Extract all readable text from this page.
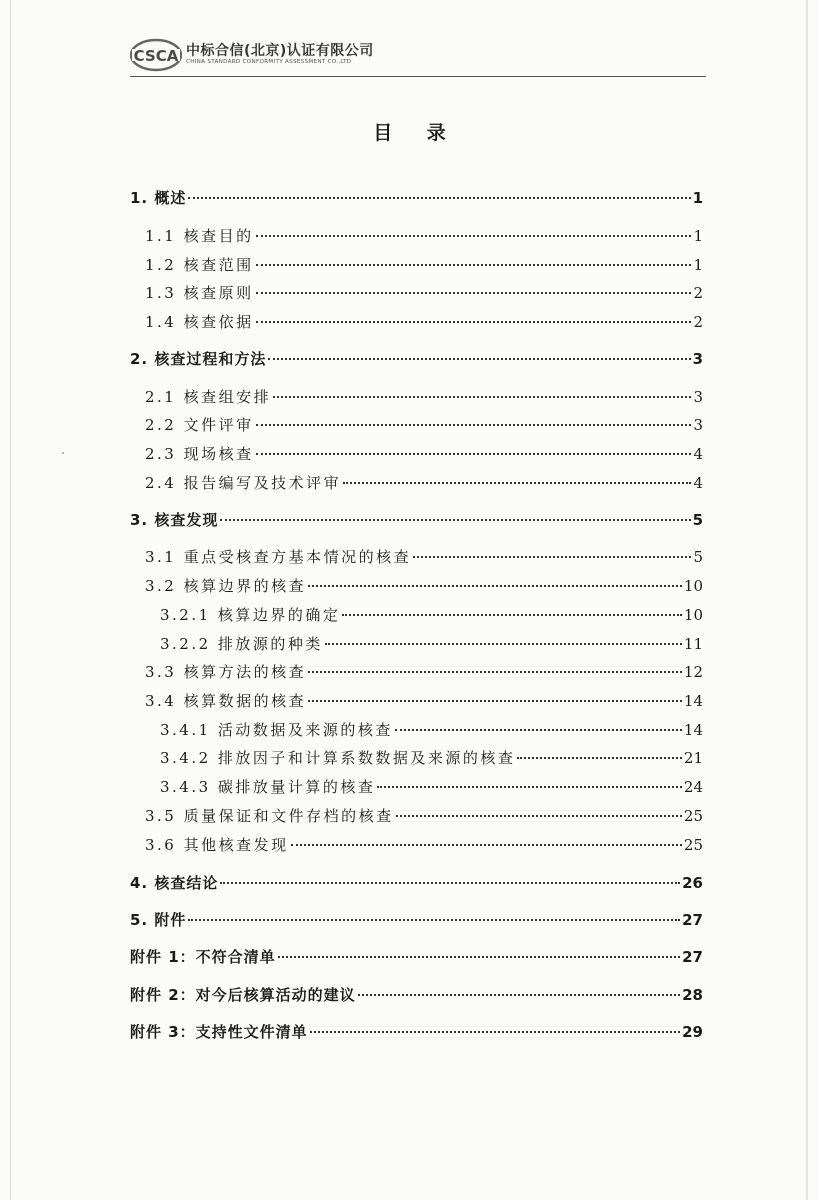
CSCA 中标合信(北京)认证有限公司
CHINA STANDARD CONFORMITY ASSESSMENT CO.,LTD
目 录
1. 概述	1
1.1 核查目的	1
1.2 核查范围	1
1.3 核查原则	2
1.4 核查依据	2
2. 核查过程和方法	3
2.1 核查组安排	3
2.2 文件评审	3
2.3 现场核查	4
2.4 报告编写及技术评审	4
3. 核查发现	5
3.1 重点受核查方基本情况的核查	5
3.2 核算边界的核查	10
3.2.1 核算边界的确定	10
3.2.2 排放源的种类	11
3.3 核算方法的核查	12
3.4 核算数据的核查	14
3.4.1 活动数据及来源的核查	14
3.4.2 排放因子和计算系数数据及来源的核查	21
3.4.3 碳排放量计算的核查	24
3.5 质量保证和文件存档的核查	25
3.6 其他核查发现	25
4. 核查结论	26
5. 附件	27
附件 1：不符合清单	27
附件 2：对今后核算活动的建议	28
附件 3：支持性文件清单	29
